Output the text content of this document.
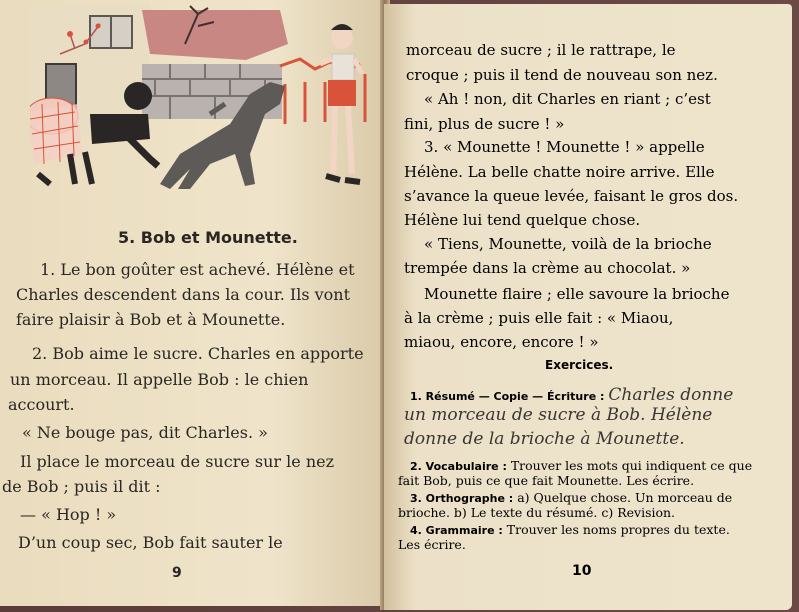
5. Bob et Mounette.
1. Le bon goûter est achevé. Hélène et
Charles descendent dans la cour. Ils vont
faire plaisir à Bob et à Mounette.
2. Bob aime le sucre. Charles en apporte
un morceau. Il appelle Bob : le chien
accourt.
« Ne bouge pas, dit Charles. »
Il place le morceau de sucre sur le nez
de Bob ; puis il dit :
— « Hop ! »
D’un coup sec, Bob fait sauter le
9
morceau de sucre ; il le rattrape, le
croque ; puis il tend de nouveau son nez.
« Ah ! non, dit Charles en riant ; c’est
fini, plus de sucre ! »
3. « Mounette ! Mounette ! » appelle
Hélène. La belle chatte noire arrive. Elle
s’avance la queue levée, faisant le gros dos.
Hélène lui tend quelque chose.
« Tiens, Mounette, voilà de la brioche
trempée dans la crème au chocolat. »
Mounette flaire ; elle savoure la brioche
à la crème ; puis elle fait : « Miaou,
miaou, encore, encore ! »
Exercices.
1. Résumé — Copie — Écriture : Charles donne
un morceau de sucre à Bob. Hélène
donne de la brioche à Mounette.
2. Vocabulaire : Trouver les mots qui indiquent ce que
fait Bob, puis ce que fait Mounette. Les écrire.
3. Orthographe : a) Quelque chose. Un morceau de
brioche. b) Le texte du résumé. c) Revision.
4. Grammaire : Trouver les noms propres du texte.
Les écrire.
10
